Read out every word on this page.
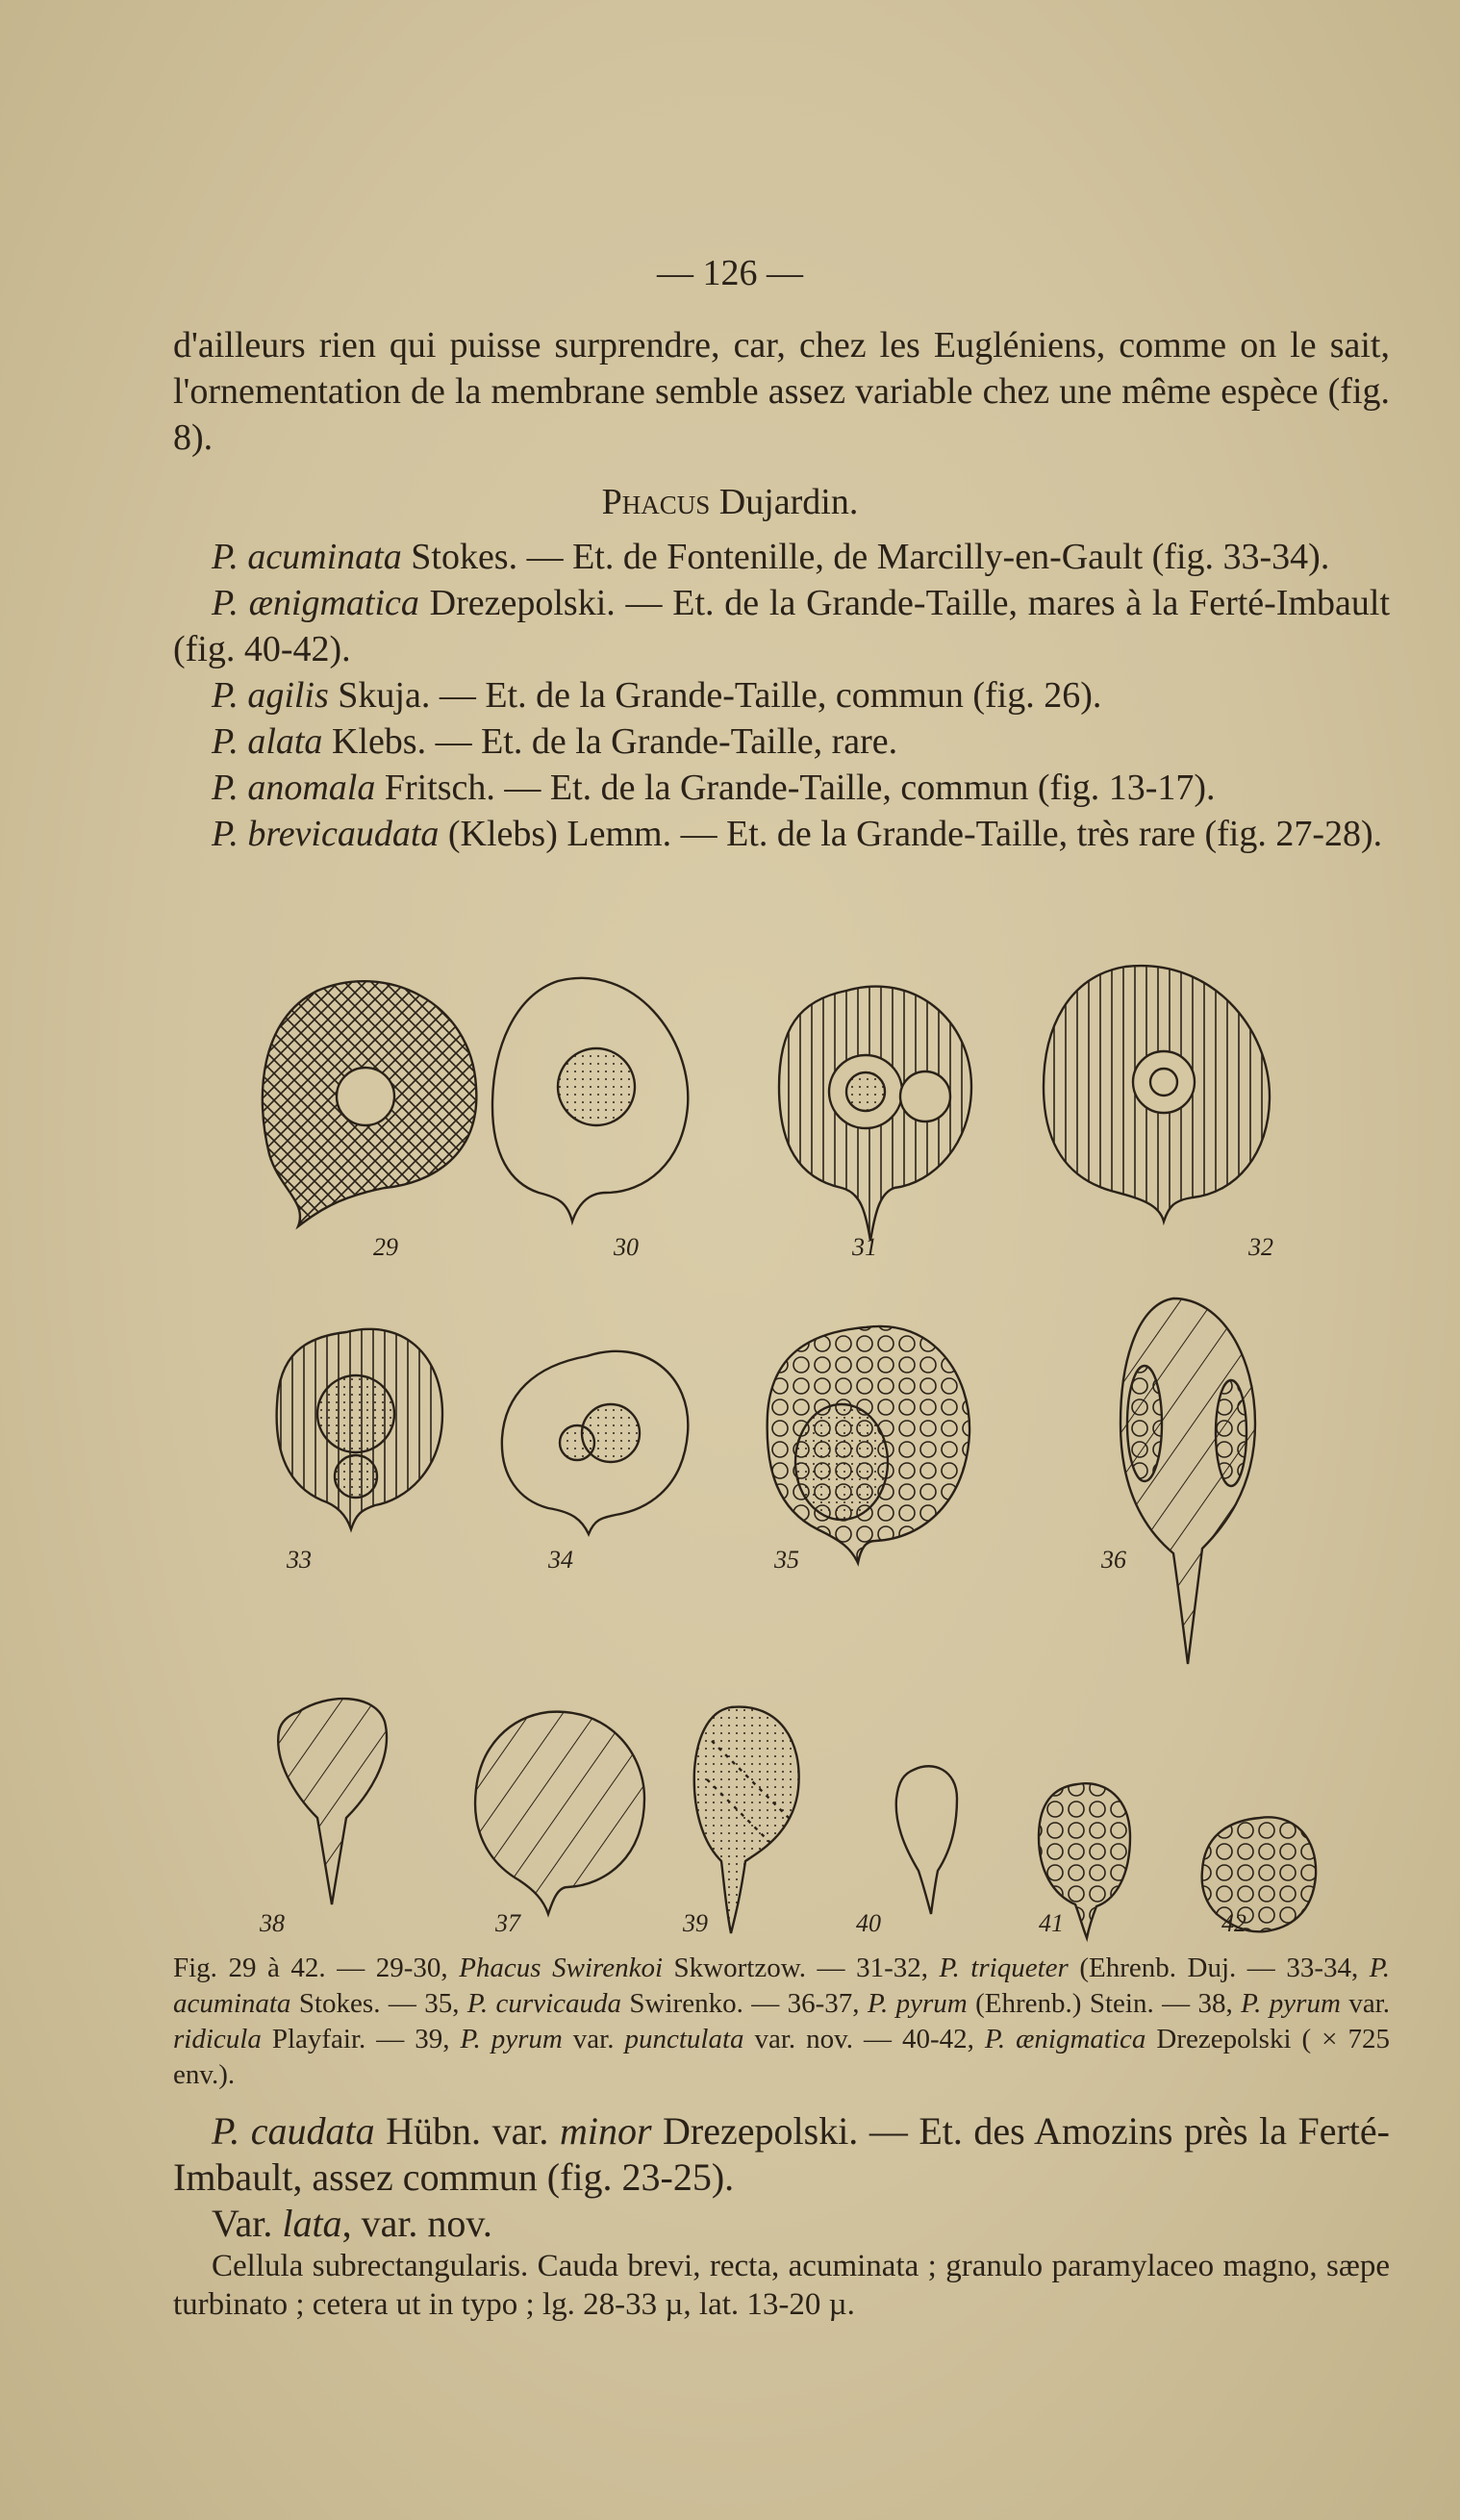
— 126 —

d'ailleurs rien qui puisse surprendre, car, chez les Eugléniens, comme on le sait, l'ornementation de la membrane semble assez variable chez une même espèce (fig. 8).

Phacus Dujardin.

P. acuminata Stokes. — Et. de Fontenille, de Marcilly-en-Gault (fig. 33-34).

P. ænigmatica Drezepolski. — Et. de la Grande-Taille, mares à la Ferté-Imbault (fig. 40-42).

P. agilis Skuja. — Et. de la Grande-Taille, commun (fig. 26).

P. alata Klebs. — Et. de la Grande-Taille, rare.

P. anomala Fritsch. — Et. de la Grande-Taille, commun (fig. 13-17).

P. brevicaudata (Klebs) Lemm. — Et. de la Grande-Taille, très rare (fig. 27-28).

29	30	31	32
33	34	35	36
38	37	39	40	41	42

Fig. 29 à 42. — 29-30, Phacus Swirenkoi Skwortzow. — 31-32, P. triqueter (Ehrenb. Duj. — 33-34, P. acuminata Stokes. — 35, P. curvicauda Swirenko. — 36-37, P. pyrum (Ehrenb.) Stein. — 38, P. pyrum var. ridicula Playfair. — 39, P. pyrum var. punctulata var. nov. — 40-42, P. ænigmatica Drezepolski ( × 725 env.).

P. caudata Hübn. var. minor Drezepolski. — Et. des Amozins près la Ferté-Imbault, assez commun (fig. 23-25).

Var. lata, var. nov.

Cellula subrectangularis. Cauda brevi, recta, acuminata ; granulo paramylaceo magno, sæpe turbinato ; cetera ut in typo ; lg. 28-33 µ, lat. 13-20 µ.
